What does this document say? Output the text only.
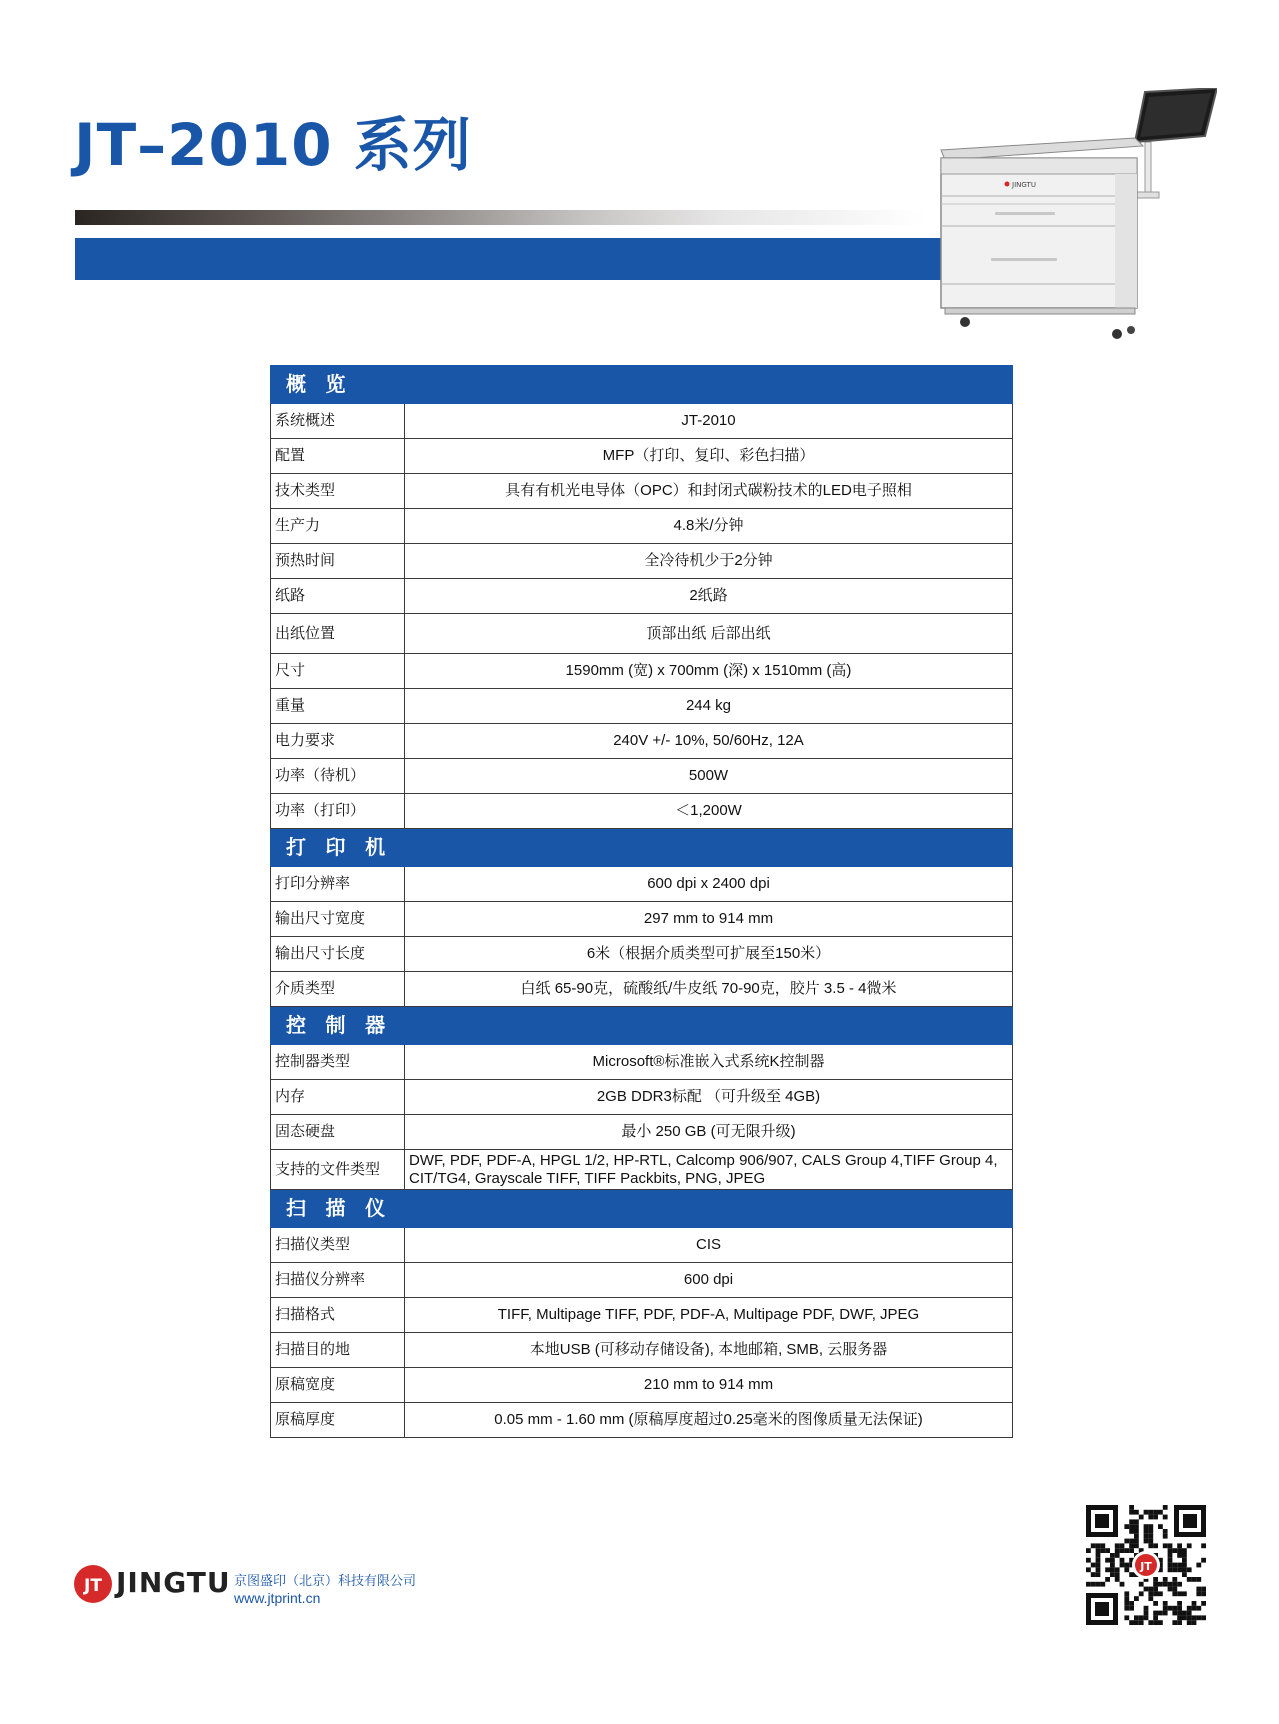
JT–2010 系列
JINGTU
概 览	
系统概述	JT-2010
配置	MFP（打印、复印、彩色扫描）
技术类型	具有有机光电导体（OPC）和封闭式碳粉技术的LED电子照相
生产力	4.8米/分钟
预热时间	全冷待机少于2分钟
纸路	2纸路
出纸位置	顶部出纸 后部出纸
尺寸	1590mm (宽) x 700mm (深) x 1510mm (高)
重量	244 kg
电力要求	240V +/- 10%, 50/60Hz, 12A
功率（待机）	500W
功率（打印）	＜1,200W
打 印 机	
打印分辨率	600 dpi x 2400 dpi
输出尺寸宽度	297 mm to 914 mm
输出尺寸长度	6米（根据介质类型可扩展至150米）
介质类型	白纸 65-90克，硫酸纸/牛皮纸 70-90克，胶片 3.5 - 4微米
控 制 器	
控制器类型	Microsoft®标准嵌入式系统K控制器
内存	2GB DDR3标配 （可升级至 4GB)
固态硬盘	最小 250 GB (可无限升级)
支持的文件类型	DWF, PDF, PDF-A, HPGL 1/2, HP-RTL, Calcomp 906/907, CALS Group 4,TIFF Group 4, CIT/TG4, Grayscale TIFF, TIFF Packbits, PNG, JPEG
扫 描 仪	
扫描仪类型	CIS
扫描仪分辨率	600 dpi
扫描格式	TIFF, Multipage TIFF, PDF, PDF-A, Multipage PDF, DWF, JPEG
扫描目的地	本地USB (可移动存储设备), 本地邮箱, SMB, 云服务器
原稿宽度	210 mm to 914 mm
原稿厚度	0.05 mm - 1.60 mm (原稿厚度超过0.25毫米的图像质量无法保证)
JT JINGTU 京图盛印（北京）科技有限公司
www.jtprint.cn
JT
